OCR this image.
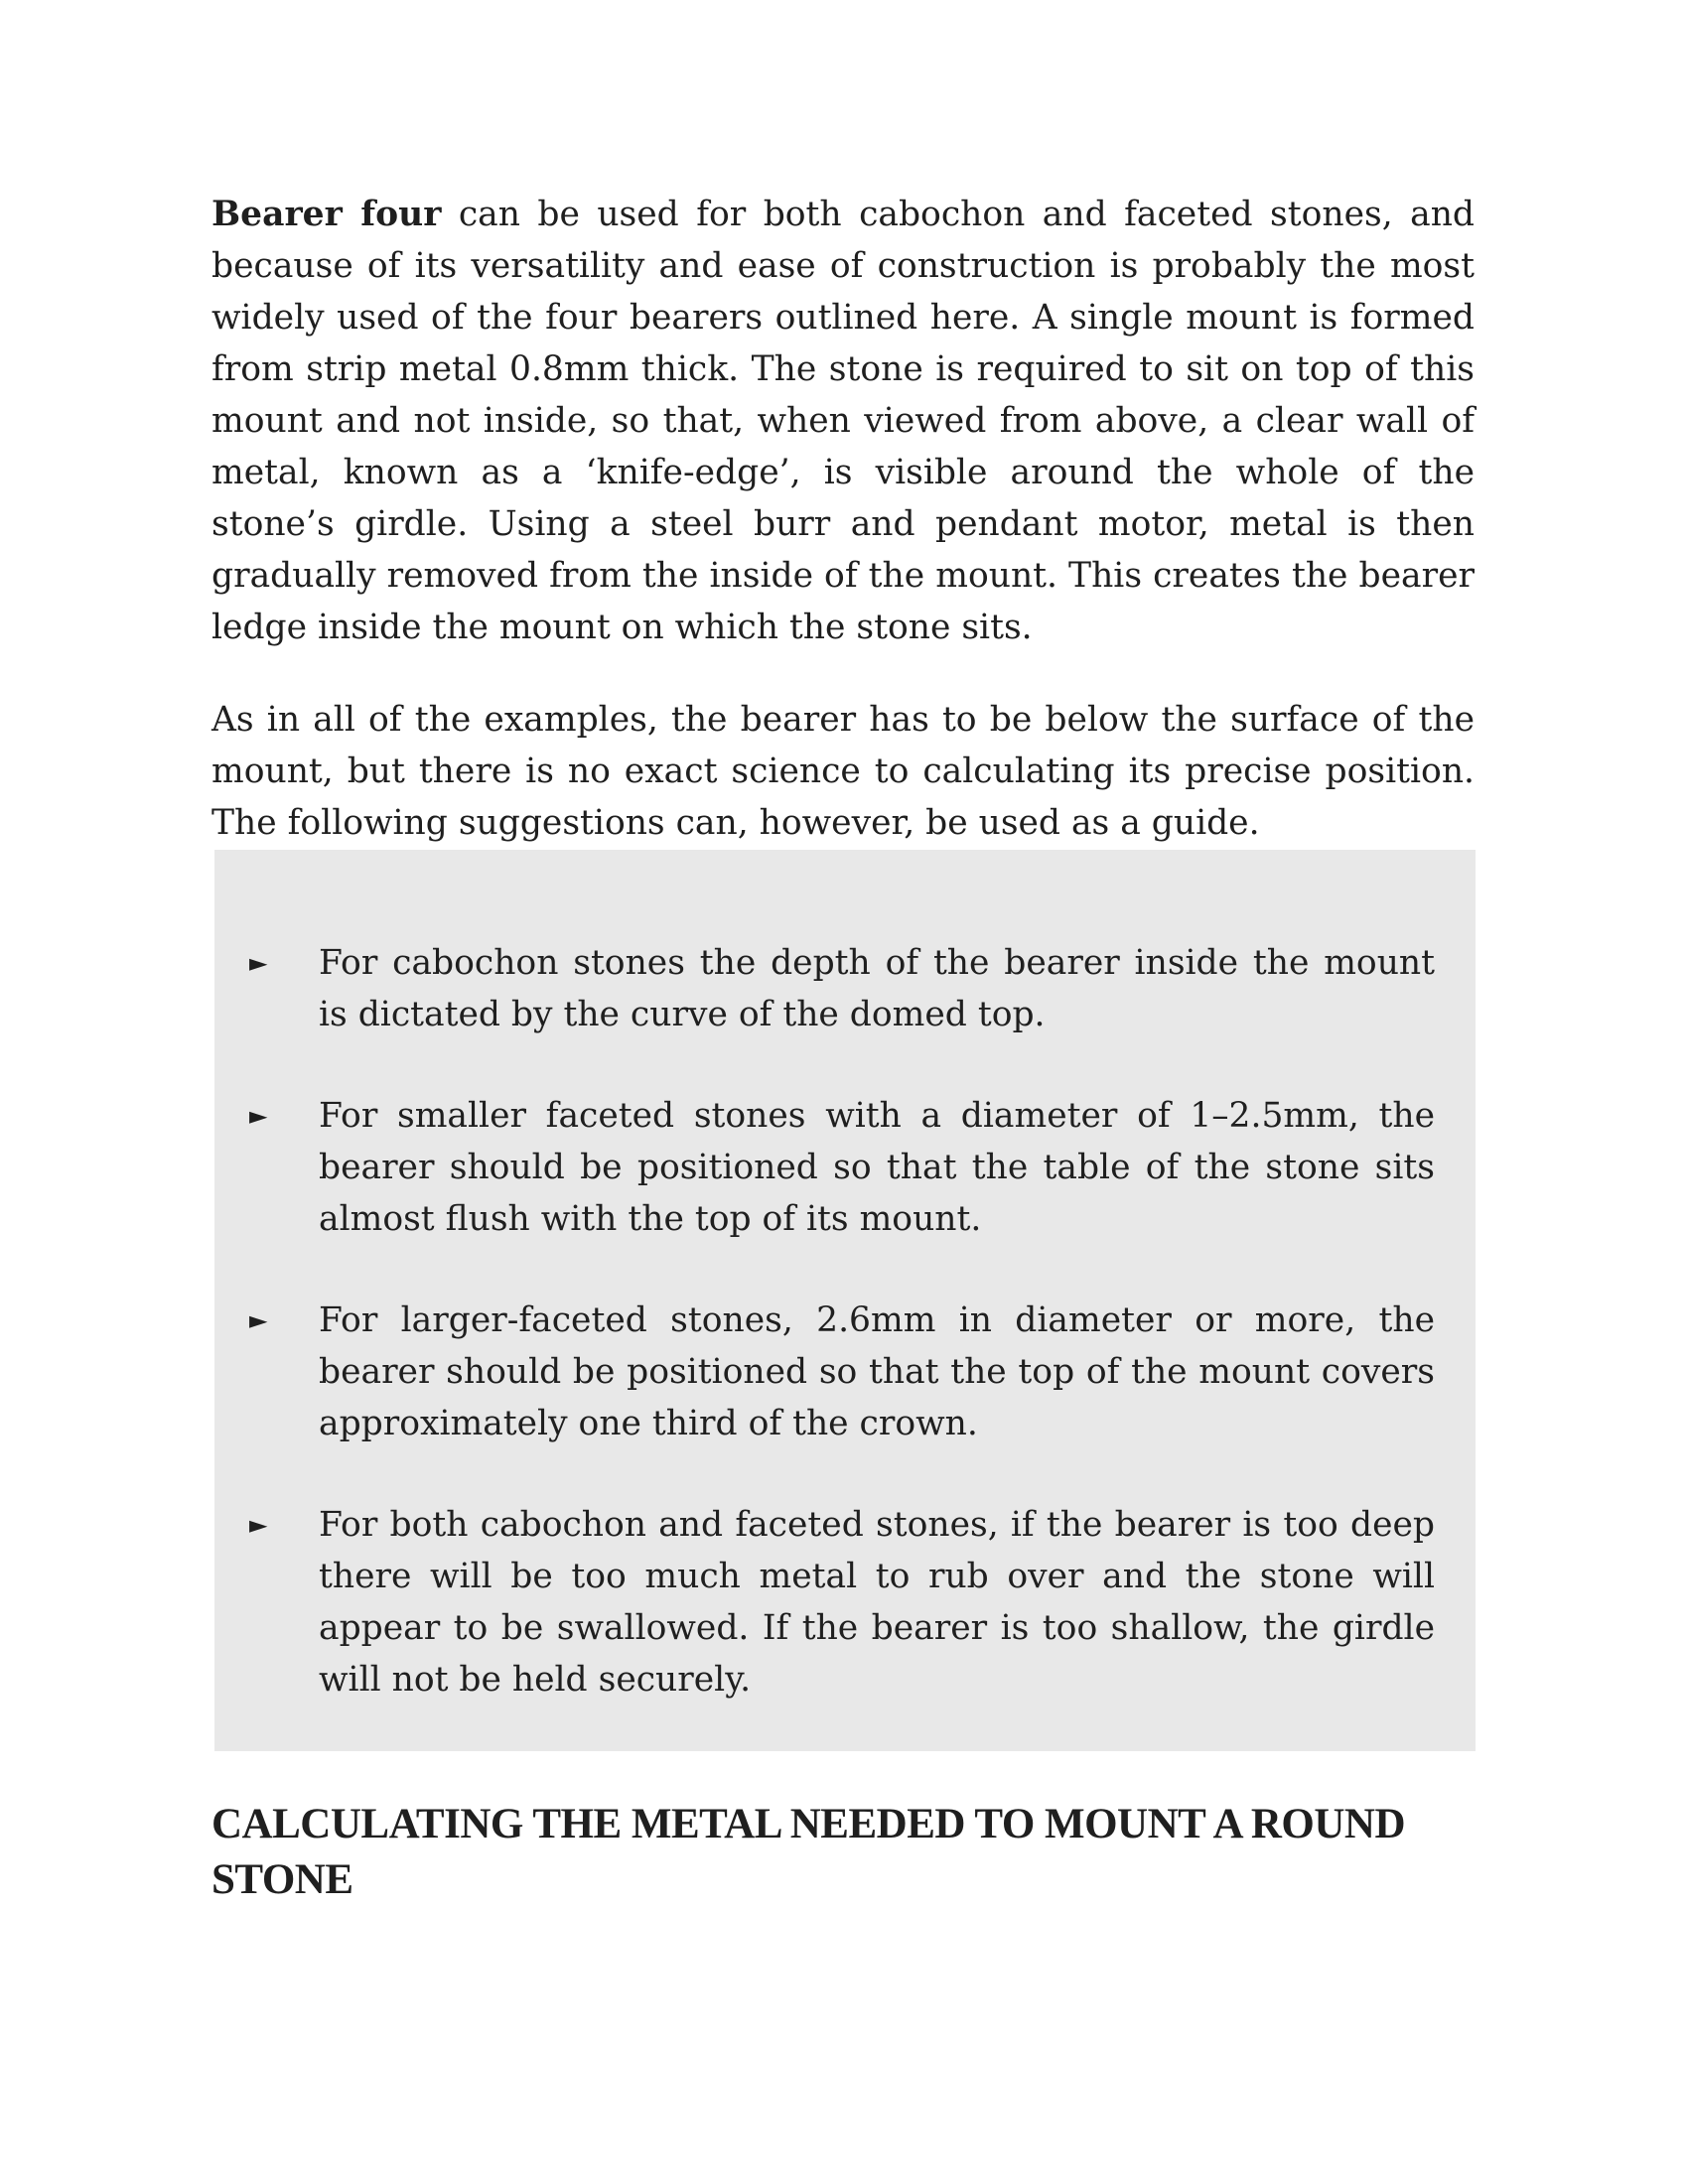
Bearer four can be used for both cabochon and faceted stones, and because of its versatility and ease of construction is probably the most widely used of the four bearers outlined here. A single mount is formed from strip metal 0.8mm thick. The stone is required to sit on top of this mount and not inside, so that, when viewed from above, a clear wall of metal, known as a ‘knife-edge’, is visible around the whole of the stone’s girdle. Using a steel burr and pendant motor, metal is then gradually removed from the inside of the mount. This creates the bearer ledge inside the mount on which the stone sits.

As in all of the examples, the bearer has to be below the surface of the mount, but there is no exact science to calculating its precise position. The following suggestions can, however, be used as a guide.

►	For cabochon stones the depth of the bearer inside the mount is dictated by the curve of the domed top.
►	For smaller faceted stones with a diameter of 1–2.5mm, the bearer should be positioned so that the table of the stone sits almost flush with the top of its mount.
►	For larger-faceted stones, 2.6mm in diameter or more, the bearer should be positioned so that the top of the mount covers approximately one third of the crown.
►	For both cabochon and faceted stones, if the bearer is too deep there will be too much metal to rub over and the stone will appear to be swallowed. If the bearer is too shallow, the girdle will not be held securely.
CALCULATING THE METAL NEEDED TO MOUNT A ROUND STONE
